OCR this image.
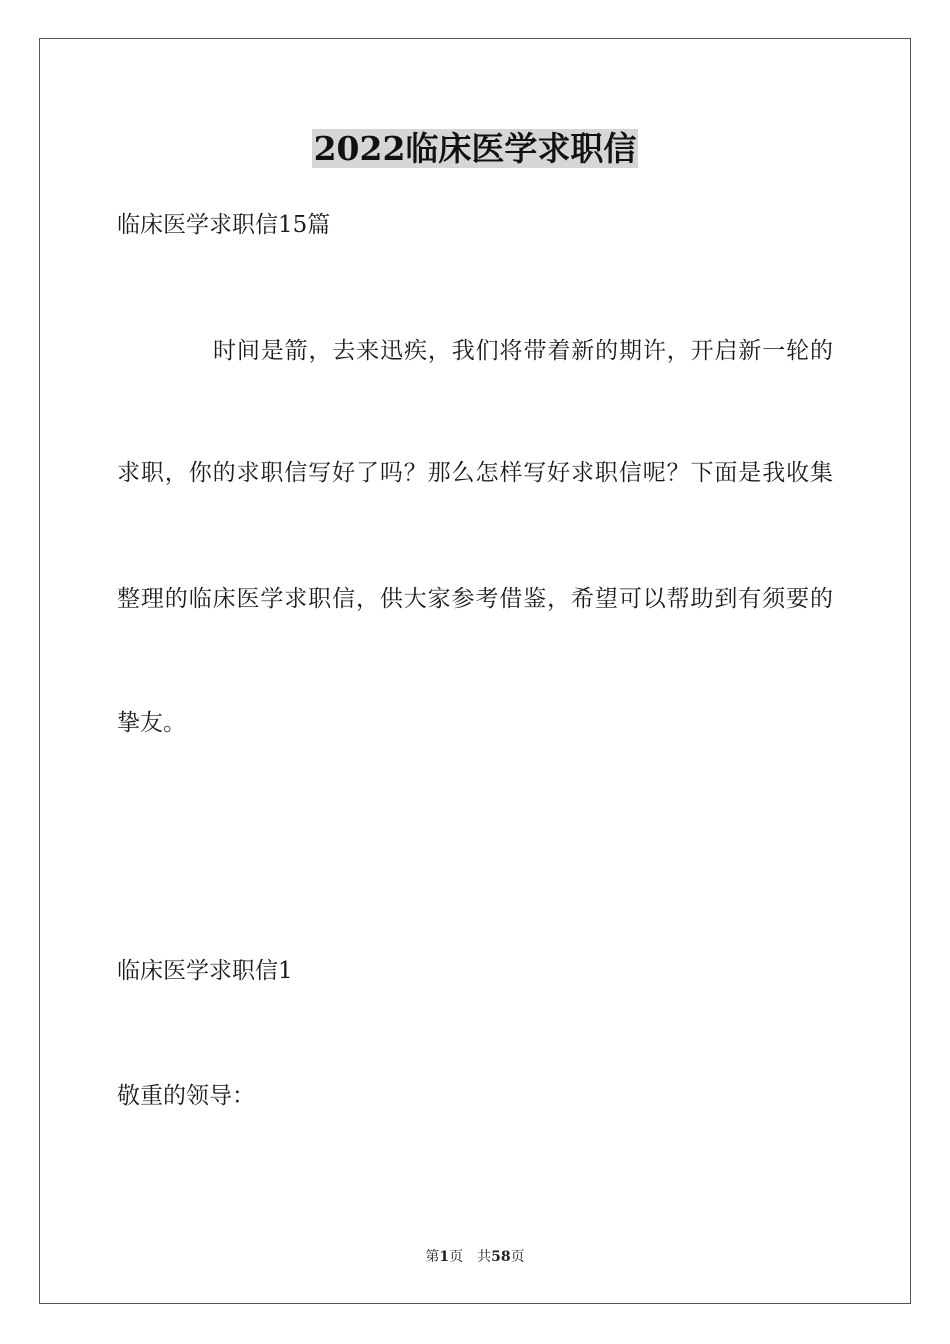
2022临床医学求职信
临床医学求职信15篇
时间是箭，去来迅疾，我们将带着新的期许，开启新一轮的
求职，你的求职信写好了吗？那么怎样写好求职信呢？下面是我收集
整理的临床医学求职信，供大家参考借鉴，希望可以帮助到有须要的
挚友。
临床医学求职信1
敬重的领导：
第1页 共58页
